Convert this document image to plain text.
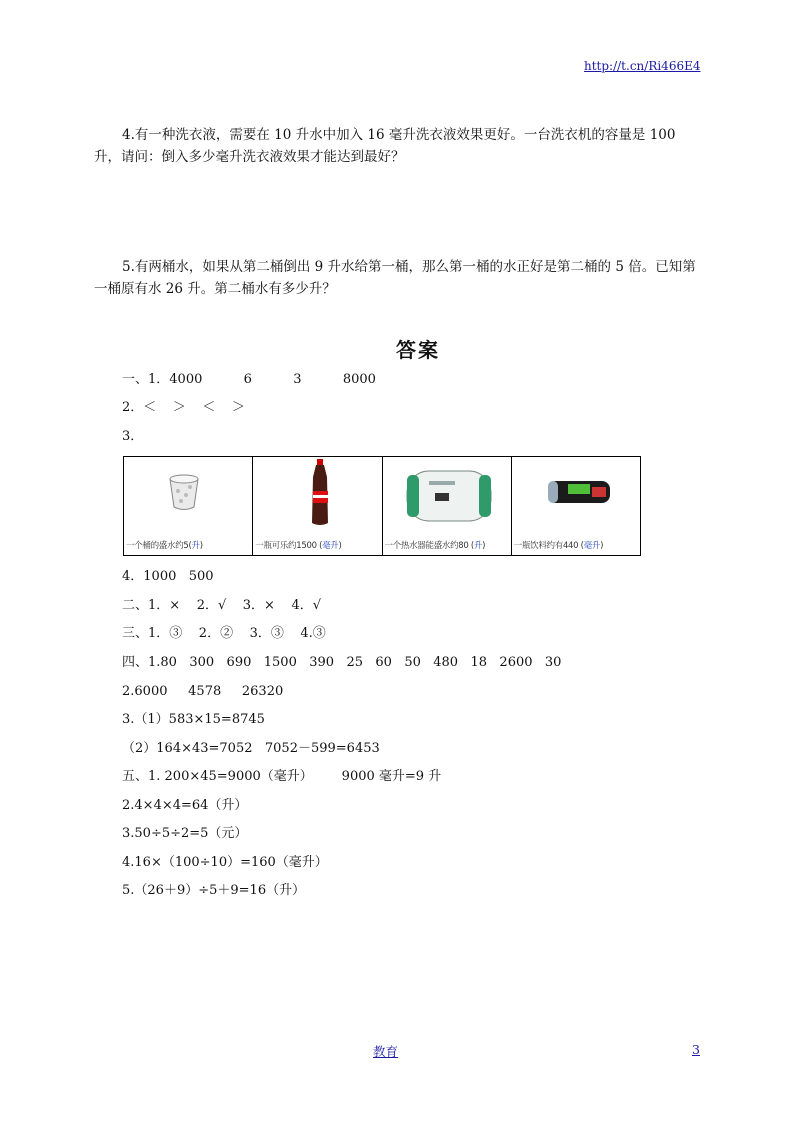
http://t.cn/Ri466E4
4.有一种洗衣液，需要在 10 升水中加入 16 毫升洗衣液效果更好。一台洗衣机的容量是 100 升，请问：倒入多少毫升洗衣液效果才能达到最好？
5.有两桶水，如果从第二桶倒出 9 升水给第一桶，那么第一桶的水正好是第二桶的 5 倍。已知第一桶原有水 26 升。第二桶水有多少升？
答案
一、1．4000          6          3          8000
2．＜    ＞    ＜    ＞
3．
一个桶的盛水约5(升)	一瓶可乐约1500 (毫升)	一个热水器能盛水约80 (升)	一瓶饮料约有440 (毫升)
4．1000   500
二、1．×    2．√    3．×    4．√
三、1．③    2．②    3．③    4.③
四、1.80   300   690   1500   390   25   60   50   480   18   2600   30
2.6000     4578     26320
3.（1）583×15=8745
（2）164×43=7052   7052－599=6453
五、1. 200×45=9000（毫升）       9000 毫升=9 升
2.4×4×4=64（升）
3.50÷5÷2=5（元）
4.16×（100÷10）=160（毫升）
5.（26＋9）÷5＋9=16（升）
教育	3
